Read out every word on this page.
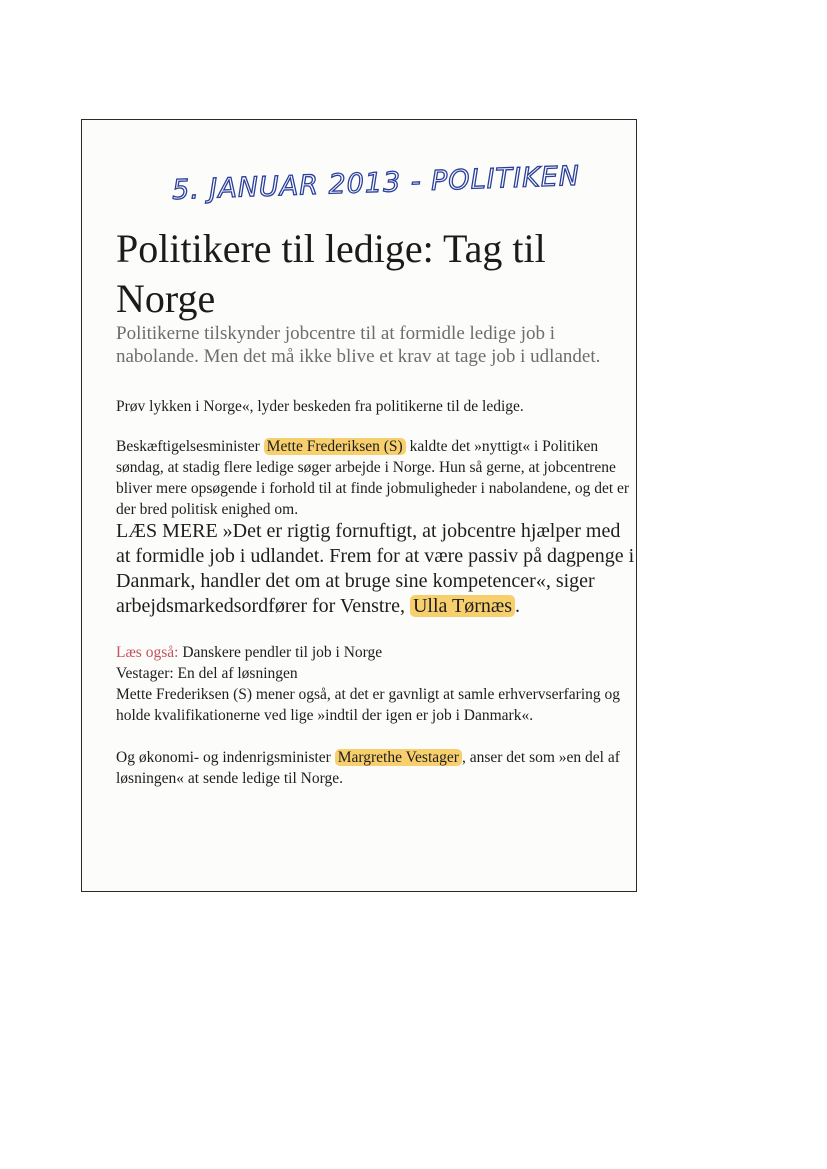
5. JANUAR 2013 - POLITIKEN
Politikere til ledige: Tag til Norge

Politikerne tilskynder jobcentre til at formidle ledige job i nabolande. Men det må ikke blive et krav at tage job i udlandet.

Prøv lykken i Norge«, lyder beskeden fra politikerne til de ledige.

Beskæftigelsesminister Mette Frederiksen (S) kaldte det »nyttigt« i Politiken søndag, at stadig flere ledige søger arbejde i Norge. Hun så gerne, at jobcentrene bliver mere opsøgende i forhold til at finde jobmuligheder i nabolandene, og det er der bred politisk enighed om.

LÆS MERE »Det er rigtig fornuftigt, at jobcentre hjælper med at formidle job i udlandet. Frem for at være passiv på dagpenge i Danmark, handler det om at bruge sine kompetencer«, siger arbejdsmarkedsordfører for Venstre, Ulla Tørnæs .

Læs også: Danskere pendler til job i Norge

Vestager: En del af løsningen

Mette Frederiksen (S) mener også, at det er gavnligt at samle erhvervserfaring og holde kvalifikationerne ved lige »indtil der igen er job i Danmark«.

Og økonomi- og indenrigsminister Margrethe Vestager , anser det som »en del af løsningen« at sende ledige til Norge.
